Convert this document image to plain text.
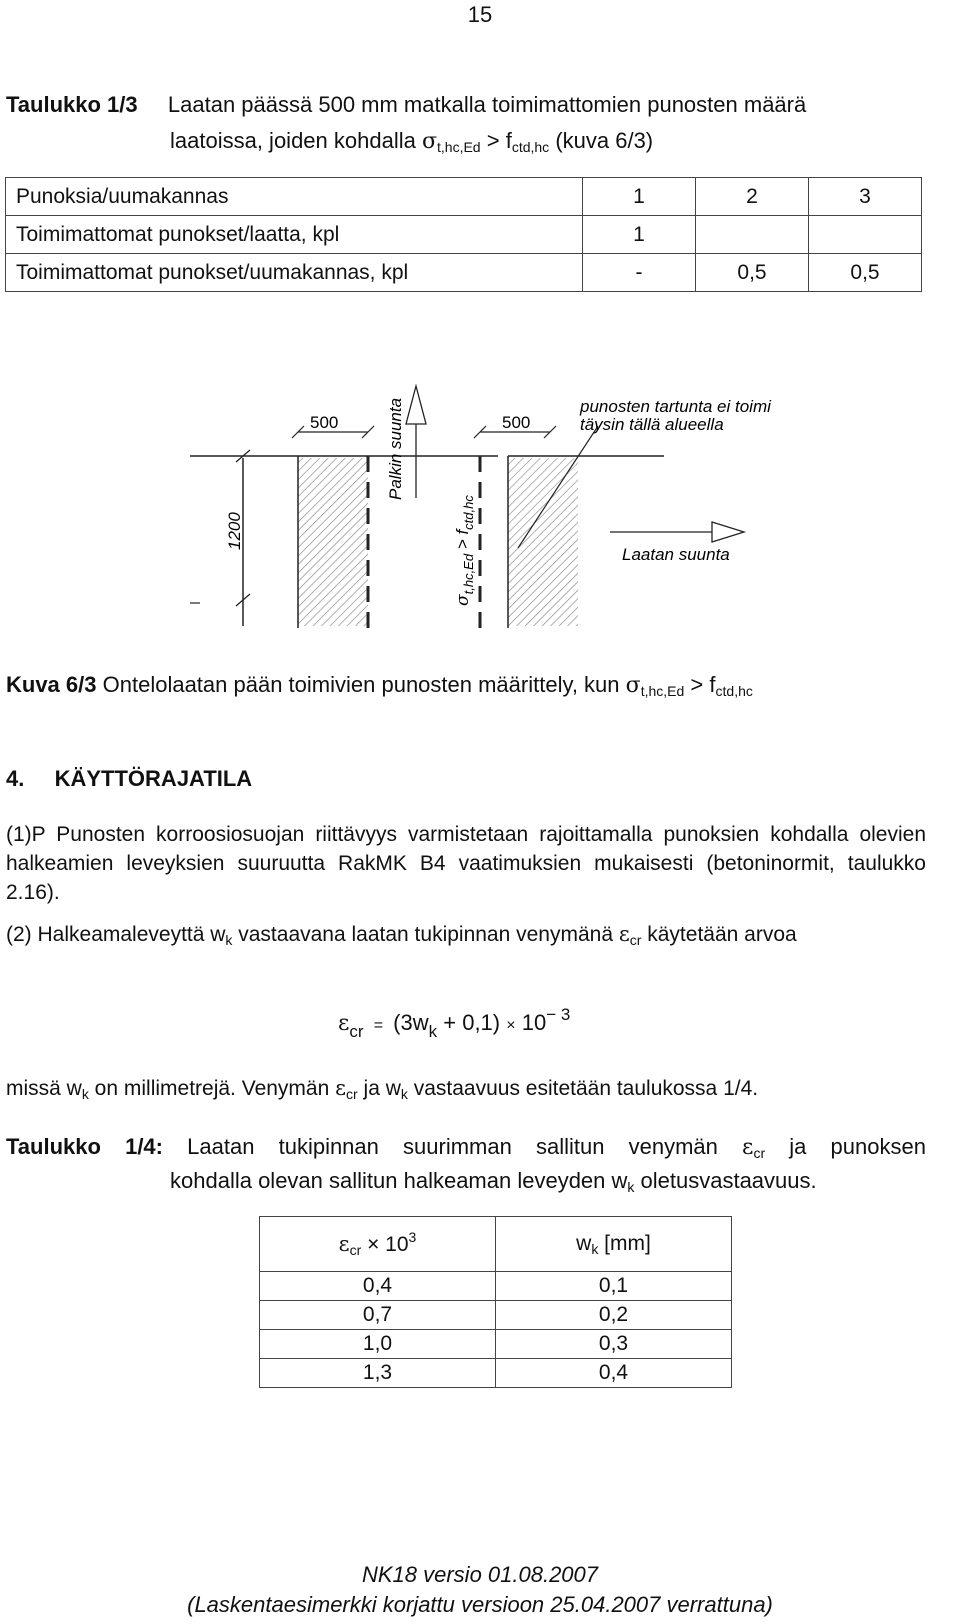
15
Taulukko 1/3 Laatan päässä 500 mm matkalla toimimattomien punosten määrä
laatoissa, joiden kohdalla $\sigma_{t,hc,Ed} > f_{ctd,hc}$ (kuva 6/3)
Punoksia/uumakannas	1	2	3
Toimimattomat punokset/laatta, kpl	1		
Toimimattomat punokset/uumakannas, kpl	-	0,5	0,5
500	500
1200
Palkin suunta
$\sigma_{t,hc,Ed} > f_{ctd,hc}$
punosten tartunta ei toimi
täysin tällä alueella
Laatan suunta
Kuva 6/3 Ontelolaatan pään toimivien punosten määrittely, kun $\sigma_{t,hc,Ed} > f_{ctd,hc}$
4. KÄYTTÖRAJATILA
(1)P Punosten korroosiosuojan riittävyys varmistetaan rajoittamalla punoksien kohdalla olevien halkeamien leveyksien suuruutta RakMK B4 vaatimuksien mukaisesti (betoninormit, taulukko 2.16).
(2) Halkeamaleveyttä $w_k$ vastaavana laatan tukipinnan venymänä $\varepsilon_{cr}$ käytetään arvoa
$\varepsilon_{cr} = (3w_k + 0,1) \times 10^{- 3}$
missä $w_k$ on millimetrejä. Venymän $\varepsilon_{cr}$ ja $w_k$ vastaavuus esitetään taulukossa 1/4.
Taulukko 1/4: Laatan tukipinnan suurimman sallitun venymän $\varepsilon_{cr}$ ja punoksen
kohdalla olevan sallitun halkeaman leveyden $w_k$ oletusvastaavuus.
$\varepsilon_{cr} \times 10^3$	$w_k$ [mm]
0,4	0,1
0,7	0,2
1,0	0,3
1,3	0,4
NK18 versio 01.08.2007
(Laskentaesimerkki korjattu versioon 25.04.2007 verrattuna)
